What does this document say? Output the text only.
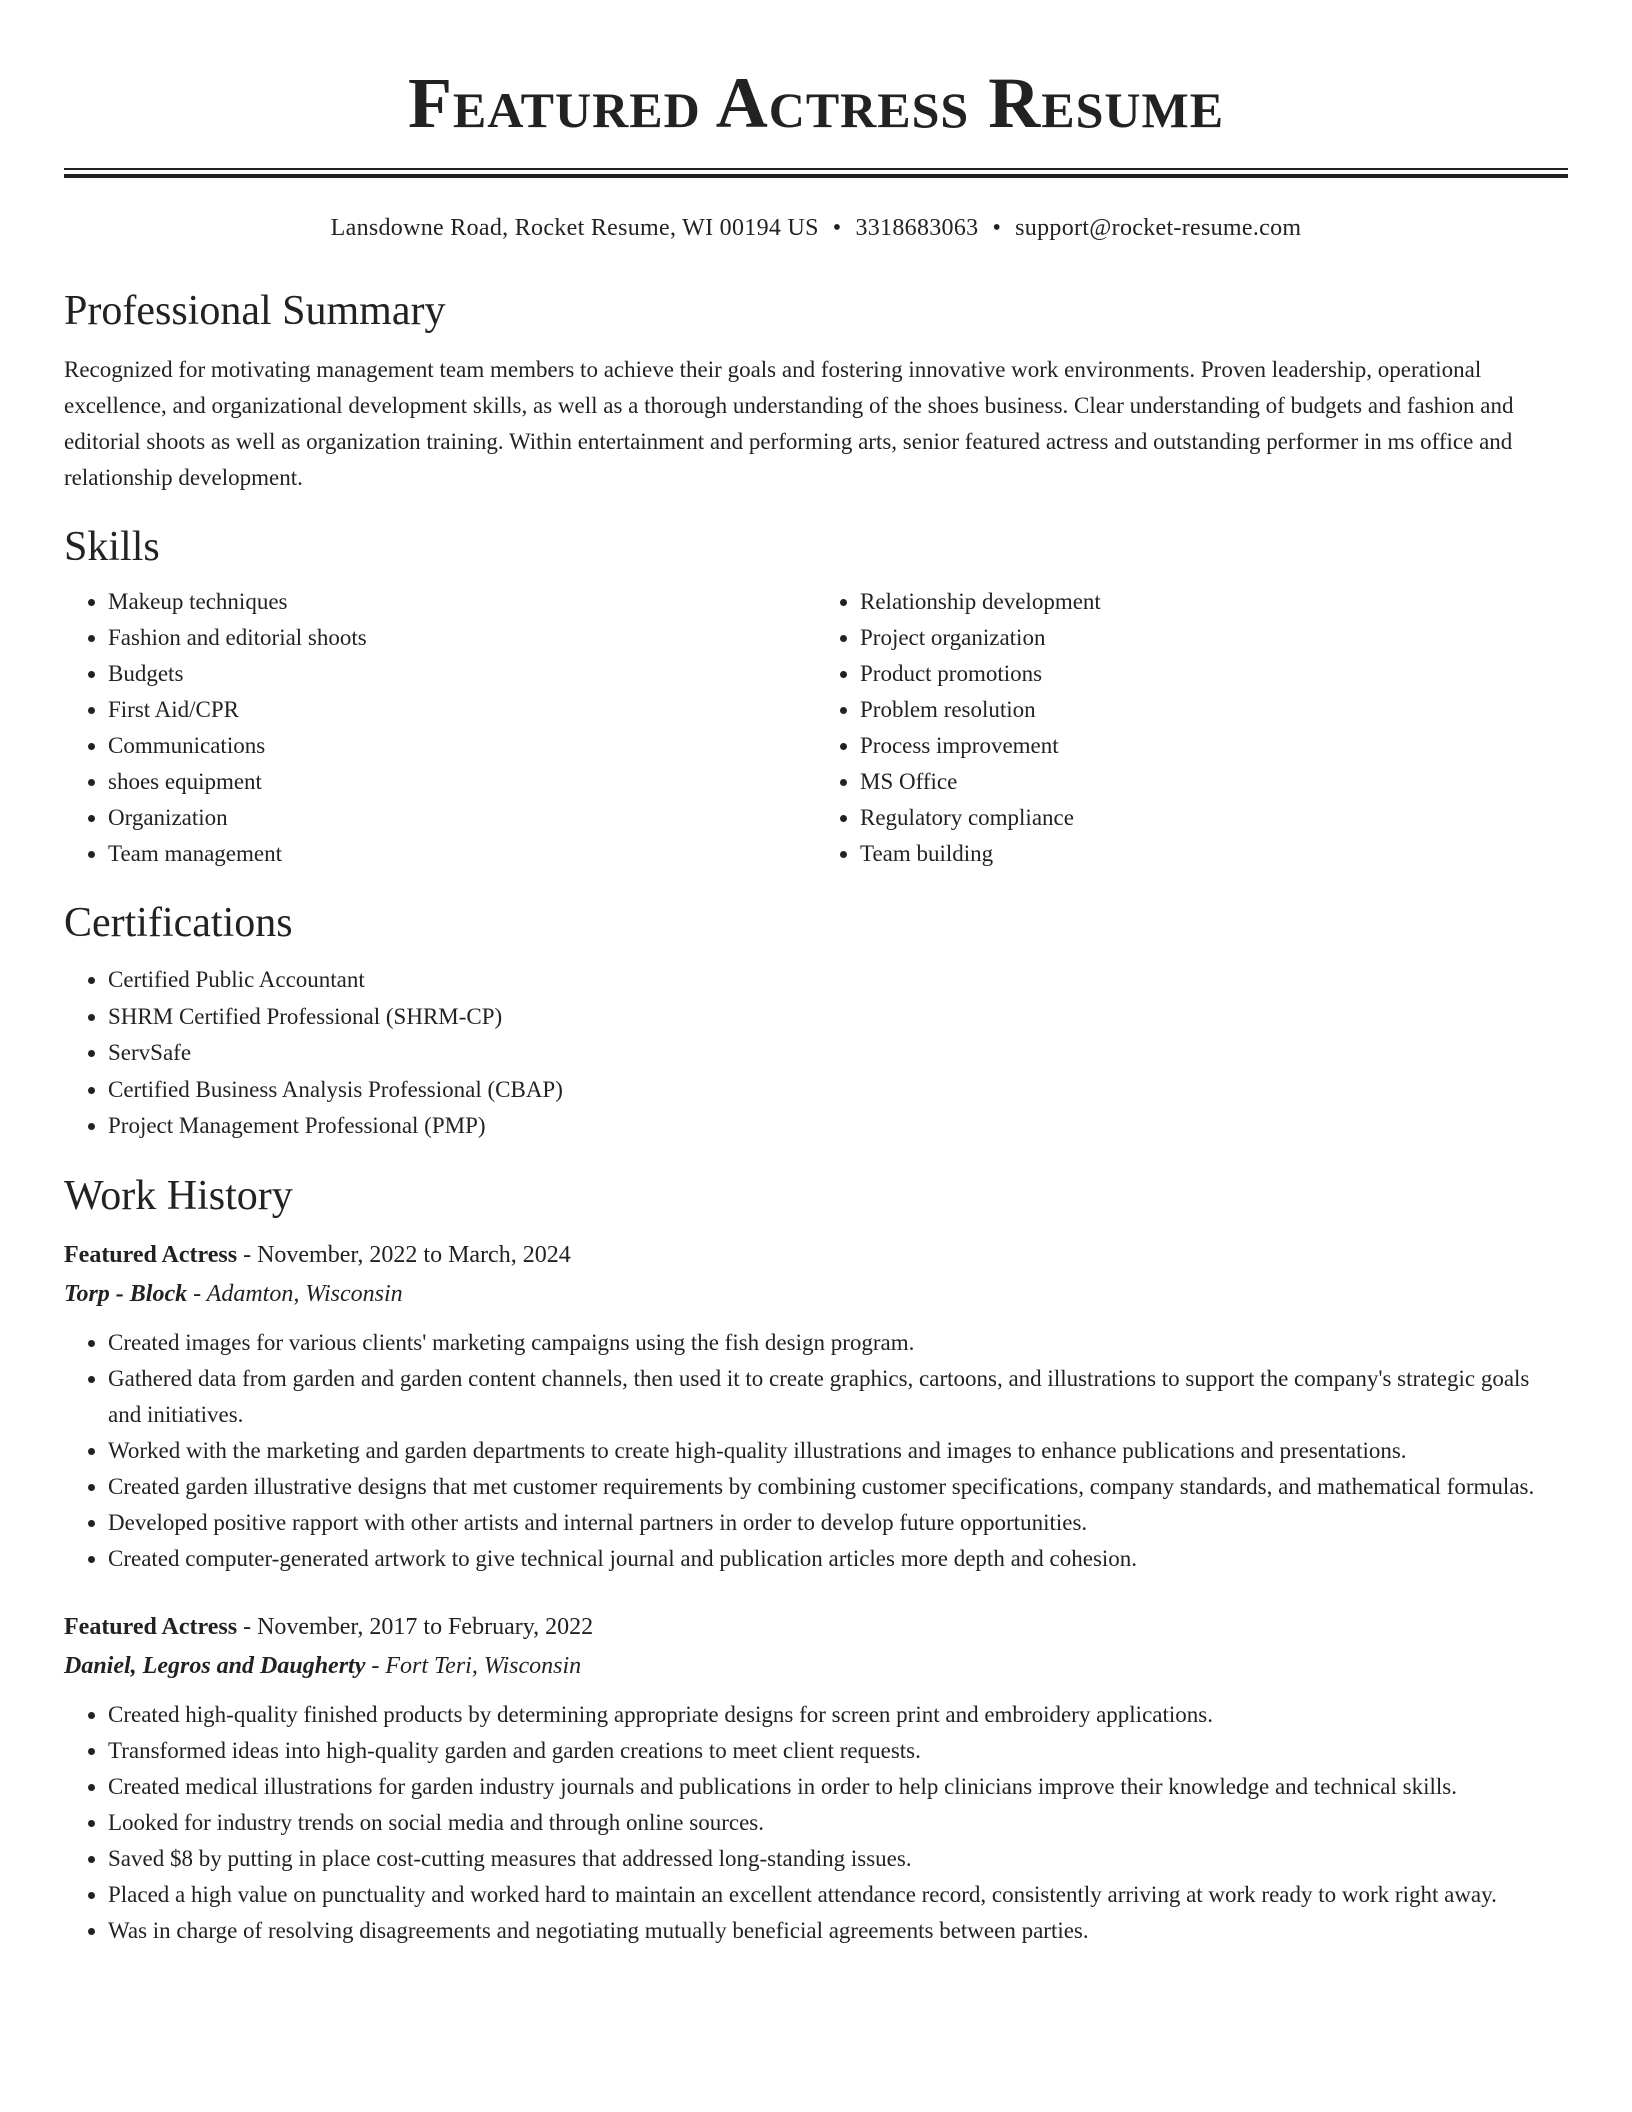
Featured Actress Resume
Lansdowne Road, Rocket Resume, WI 00194 US • 3318683063 • support@rocket-resume.com
Professional Summary

Recognized for motivating management team members to achieve their goals and fostering innovative work environments. Proven leadership, operational excellence, and organizational development skills, as well as a thorough understanding of the shoes business. Clear understanding of budgets and fashion and editorial shoots as well as organization training. Within entertainment and performing arts, senior featured actress and outstanding performer in ms office and relationship development.

Skills
• Makeup techniques
• Fashion and editorial shoots
• Budgets
• First Aid/CPR
• Communications
• shoes equipment
• Organization
• Team management
• Relationship development
• Project organization
• Product promotions
• Problem resolution
• Process improvement
• MS Office
• Regulatory compliance
• Team building
Certifications
• Certified Public Accountant
• SHRM Certified Professional (SHRM-CP)
• ServSafe
• Certified Business Analysis Professional (CBAP)
• Project Management Professional (PMP)
Work History
Featured Actress - November, 2022 to March, 2024
Torp - Block - Adamton, Wisconsin
• Created images for various clients' marketing campaigns using the fish design program.
• Gathered data from garden and garden content channels, then used it to create graphics, cartoons, and illustrations to support the company's strategic goals and initiatives.
• Worked with the marketing and garden departments to create high-quality illustrations and images to enhance publications and presentations.
• Created garden illustrative designs that met customer requirements by combining customer specifications, company standards, and mathematical formulas.
• Developed positive rapport with other artists and internal partners in order to develop future opportunities.
• Created computer-generated artwork to give technical journal and publication articles more depth and cohesion.
Featured Actress - November, 2017 to February, 2022
Daniel, Legros and Daugherty - Fort Teri, Wisconsin
• Created high-quality finished products by determining appropriate designs for screen print and embroidery applications.
• Transformed ideas into high-quality garden and garden creations to meet client requests.
• Created medical illustrations for garden industry journals and publications in order to help clinicians improve their knowledge and technical skills.
• Looked for industry trends on social media and through online sources.
• Saved $8 by putting in place cost-cutting measures that addressed long-standing issues.
• Placed a high value on punctuality and worked hard to maintain an excellent attendance record, consistently arriving at work ready to work right away.
• Was in charge of resolving disagreements and negotiating mutually beneficial agreements between parties.
